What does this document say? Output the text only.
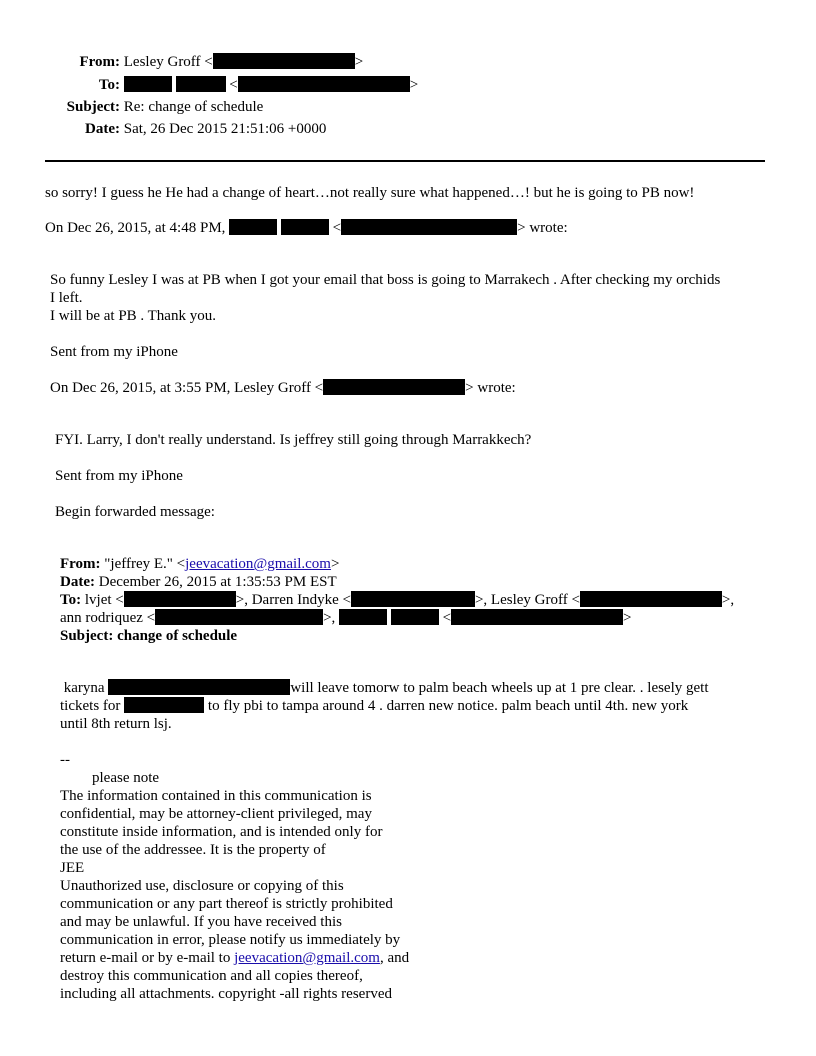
From: Lesley Groff <	>
To:	<	>
Subject: Re: change of schedule
Date: Sat, 26 Dec 2015 21:51:06 +0000
so sorry! I guess he He had a change of heart…not really sure what happened…! but he is going to PB now!
On Dec 26, 2015, at 4:48 PM,	<	> wrote:
So funny Lesley I was at PB when I got your email that boss is going to Marrakech . After checking my orchids
I left.
I will be at PB . Thank you.
Sent from my iPhone
On Dec 26, 2015, at 3:55 PM, Lesley Groff <	> wrote:
FYI. Larry, I don't really understand. Is jeffrey still going through Marrakkech?
Sent from my iPhone
Begin forwarded message:
From: "jeffrey E." <jeevacation@gmail.com>
Date: December 26, 2015 at 1:35:53 PM EST
To: lvjet <	>, Darren Indyke <	>, Lesley Groff <	>,
ann rodriquez <	>,	<	>
Subject: change of schedule
karyna	will leave tomorw to palm beach wheels up at 1 pre clear. . lesely gett
tickets for	to fly pbi to tampa around 4 . darren new notice. palm beach until 4th. new york
until 8th return lsj.
--
please note
The information contained in this communication is
confidential, may be attorney-client privileged, may
constitute inside information, and is intended only for
the use of the addressee. It is the property of
JEE
Unauthorized use, disclosure or copying of this
communication or any part thereof is strictly prohibited
and may be unlawful. If you have received this
communication in error, please notify us immediately by
return e-mail or by e-mail to jeevacation@gmail.com, and
destroy this communication and all copies thereof,
including all attachments. copyright -all rights reserved
